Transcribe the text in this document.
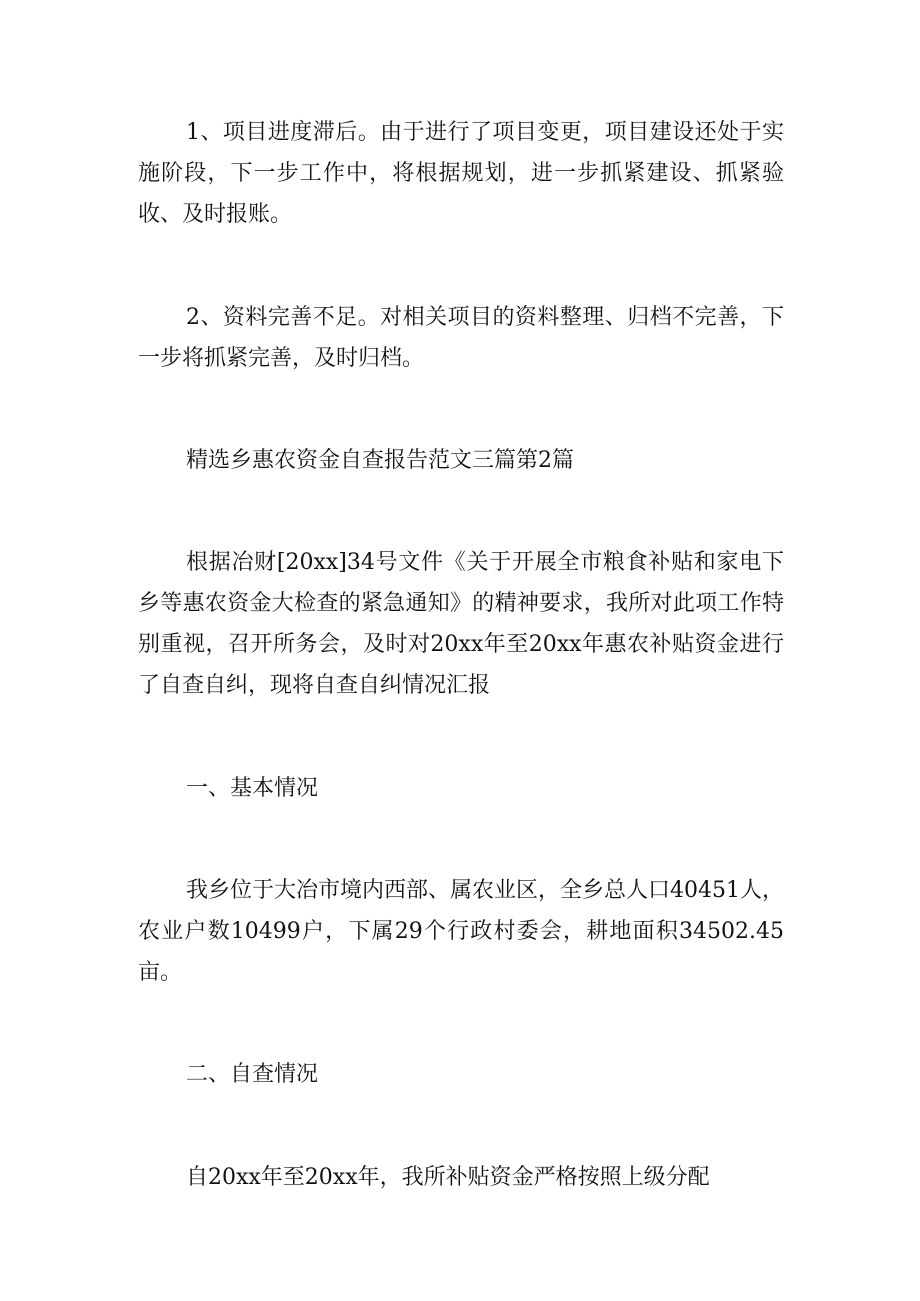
1、项目进度滞后。由于进行了项目变更，项目建设还处于实施阶段，下一步工作中，将根据规划，进一步抓紧建设、抓紧验收、及时报账。

2、资料完善不足。对相关项目的资料整理、归档不完善，下一步将抓紧完善，及时归档。

精选乡惠农资金自查报告范文三篇第2篇

根据冶财[20xx]34号文件《关于开展全市粮食补贴和家电下乡等惠农资金大检查的紧急通知》的精神要求，我所对此项工作特别重视，召开所务会，及时对20xx年至20xx年惠农补贴资金进行了自查自纠，现将自查自纠情况汇报

一、基本情况

我乡位于大冶市境内西部、属农业区，全乡总人口40451人，农业户数10499户，下属29个行政村委会，耕地面积34502.45亩。

二、自查情况

自20xx年至20xx年，我所补贴资金严格按照上级分配
